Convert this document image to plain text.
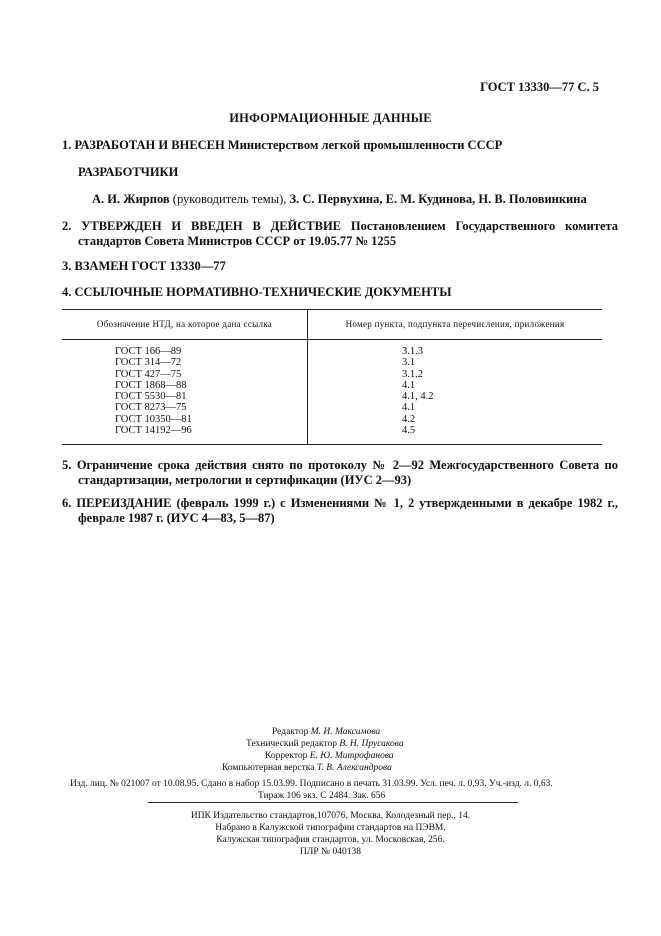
ГОСТ 13330—77 С. 5
ИНФОРМАЦИОННЫЕ ДАННЫЕ
1. РАЗРАБОТАН И ВНЕСЕН Министерством легкой промышленности СССР
РАЗРАБОТЧИКИ
А. И. Жирпов (руководитель темы), З. С. Первухина, Е. М. Кудинова, Н. В. Половинкина
2. УТВЕРЖДЕН И ВВЕДЕН В ДЕЙСТВИЕ Постановлением Государственного комитета стандартов Совета Министров СССР от 19.05.77 № 1255
3. ВЗАМЕН ГОСТ 13330—77
4. ССЫЛОЧНЫЕ НОРМАТИВНО-ТЕХНИЧЕСКИЕ ДОКУМЕНТЫ
Обозначение НТД, на которое дана ссылка	Номер пункта, подпункта перечисления, приложения
ГОСТ 166—89
ГОСТ 314—72
ГОСТ 427—75
ГОСТ 1868—88
ГОСТ 5530—81
ГОСТ 8273—75
ГОСТ 10350—81
ГОСТ 14192—96
3.1.3
3.1
3.1.2
4.1
4.1, 4.2
4.1
4.2
4.5
5. Ограничение срока действия снято по протоколу № 2—92 Межгосударственного Совета по стандартизации, метрологии и сертификации (ИУС 2—93)
6. ПЕРЕИЗДАНИЕ (февраль 1999 г.) с Изменениями № 1, 2 утвержденными в декабре 1982 г., феврале 1987 г. (ИУС 4—83, 5—87)
Редактор М. И. Максимова
Технический редактор В. Н. Прусакова
Корректор Е. Ю. Митрофанова
Компьютерная верстка Т. В. Александрова
Изд. лиц. № 021007 от 10.08.95. Сдано в набор 15.03.99. Подписано в печать 31.03.99. Усл. печ. л. 0,93. Уч.-изд. л. 0,63.
Тираж 106 экз. С 2484. Зак. 656
ИПК Издательство стандартов,107076, Москва, Колодезный пер., 14.
Набрано в Калужской типографии стандартов на ПЭВМ.
Калужская типография стандартов, ул. Московская, 256.
ПЛР № 040138
